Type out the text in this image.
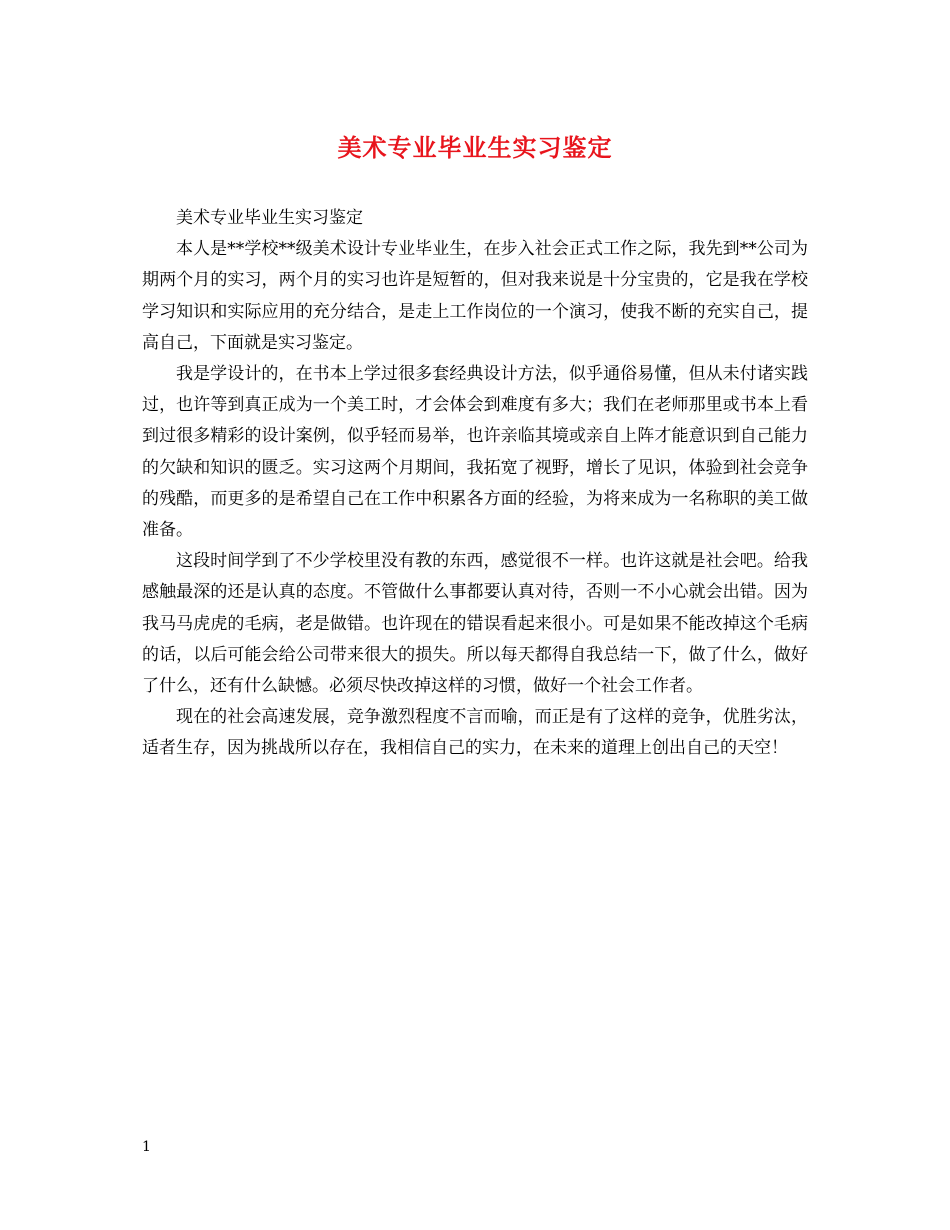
美术专业毕业生实习鉴定

美术专业毕业生实习鉴定

本人是**学校**级美术设计专业毕业生，在步入社会正式工作之际，我先到**公司为期两个月的实习，两个月的实习也许是短暂的，但对我来说是十分宝贵的，它是我在学校学习知识和实际应用的充分结合，是走上工作岗位的一个演习，使我不断的充实自己，提高自己，下面就是实习鉴定。

我是学设计的，在书本上学过很多套经典设计方法，似乎通俗易懂，但从未付诸实践过，也许等到真正成为一个美工时，才会体会到难度有多大；我们在老师那里或书本上看到过很多精彩的设计案例，似乎轻而易举，也许亲临其境或亲自上阵才能意识到自己能力的欠缺和知识的匮乏。实习这两个月期间，我拓宽了视野，增长了见识，体验到社会竞争的残酷，而更多的是希望自己在工作中积累各方面的经验，为将来成为一名称职的美工做准备。

这段时间学到了不少学校里没有教的东西，感觉很不一样。也许这就是社会吧。给我感触最深的还是认真的态度。不管做什么事都要认真对待，否则一不小心就会出错。因为我马马虎虎的毛病，老是做错。也许现在的错误看起来很小。可是如果不能改掉这个毛病的话，以后可能会给公司带来很大的损失。所以每天都得自我总结一下，做了什么，做好了什么，还有什么缺憾。必须尽快改掉这样的习惯，做好一个社会工作者。

现在的社会高速发展，竞争激烈程度不言而喻，而正是有了这样的竞争，优胜劣汰，适者生存，因为挑战所以存在，我相信自己的实力，在未来的道理上创出自己的天空！

1
